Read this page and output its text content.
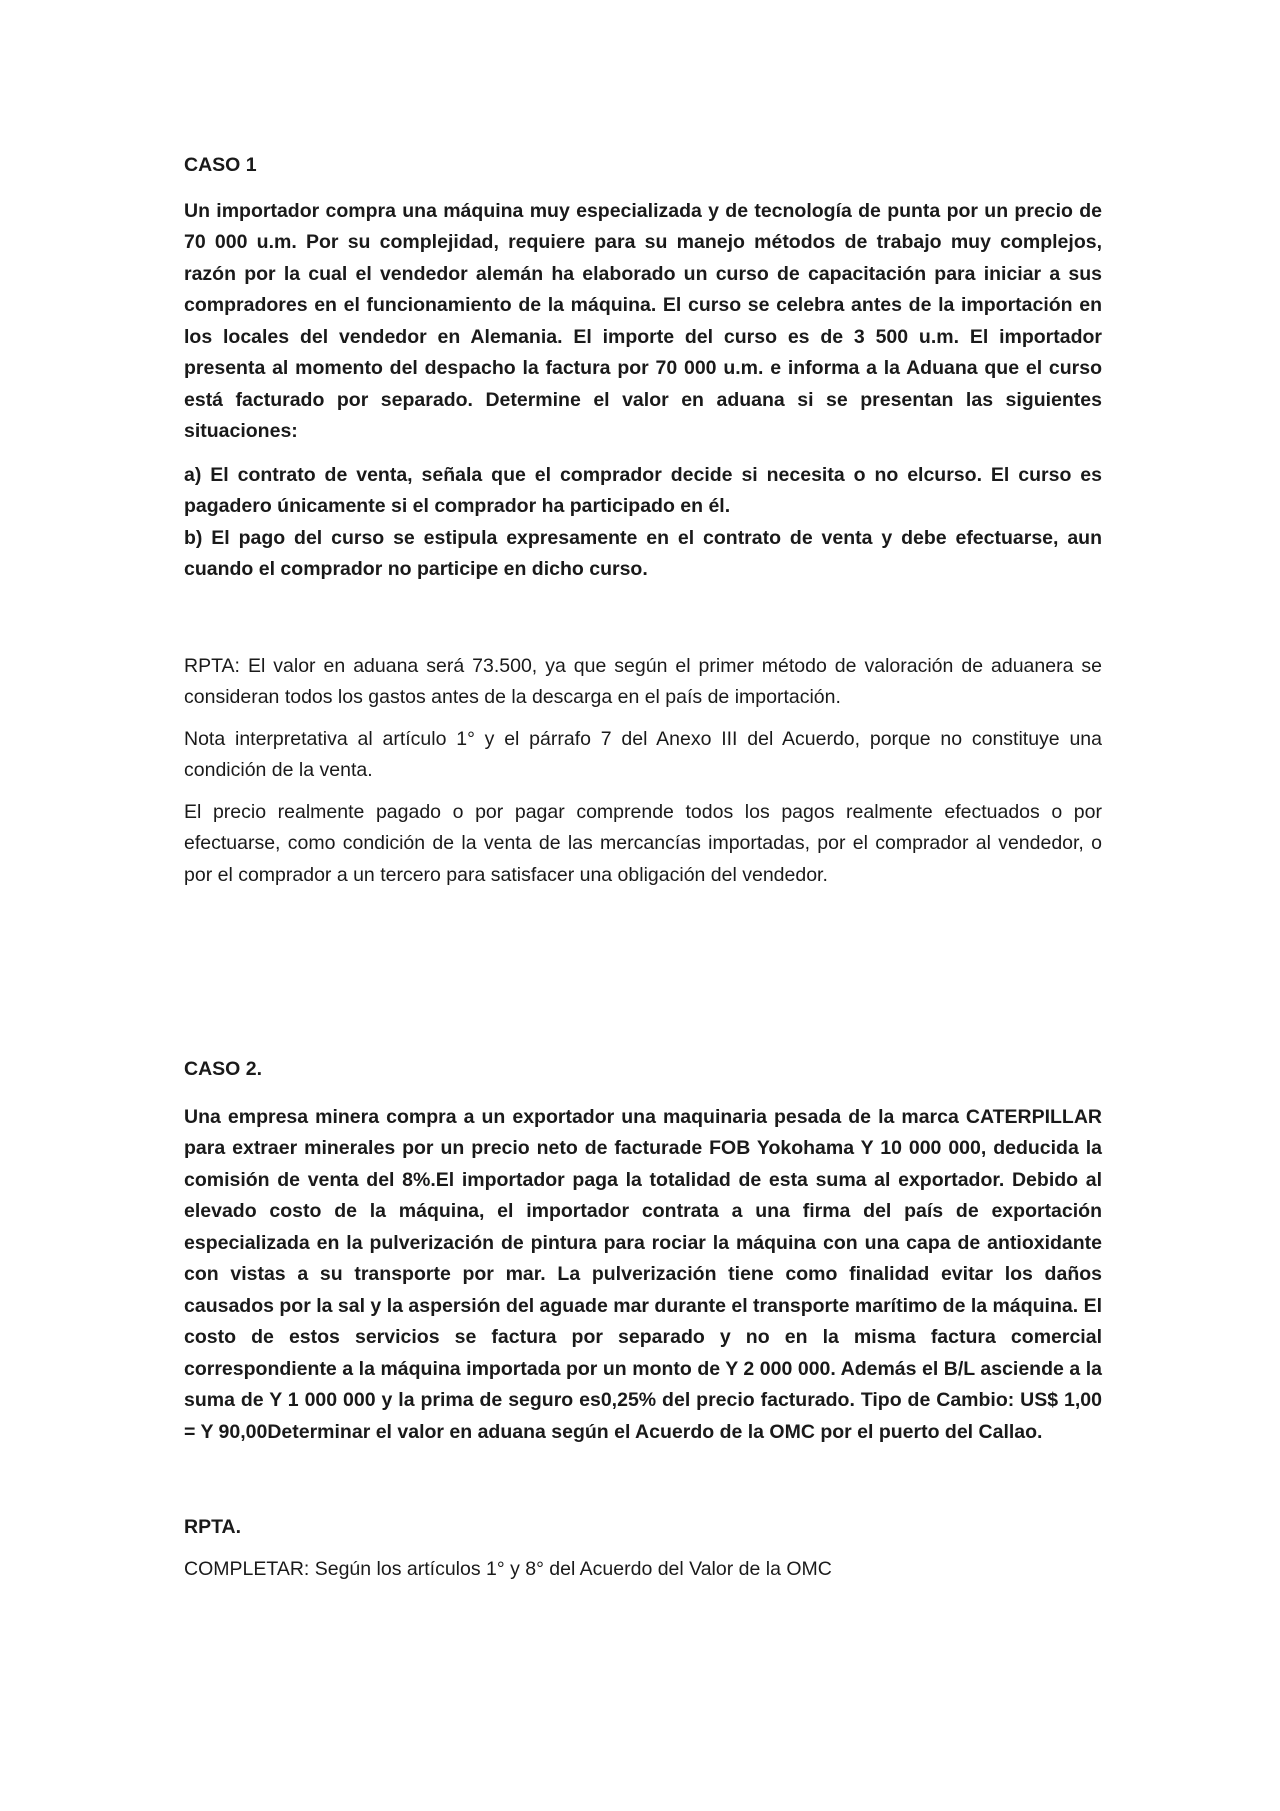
CASO 1

Un importador compra una máquina muy especializada y de tecnología de punta por un precio de 70 000 u.m. Por su complejidad, requiere para su manejo métodos de trabajo muy complejos, razón por la cual el vendedor alemán ha elaborado un curso de capacitación para iniciar a sus compradores en el funcionamiento de la máquina. El curso se celebra antes de la importación en los locales del vendedor en Alemania. El importe del curso es de 3 500 u.m. El importador presenta al momento del despacho la factura por 70 000 u.m. e informa a la Aduana que el curso está facturado por separado. Determine el valor en aduana si se presentan las siguientes situaciones:

a) El contrato de venta, señala que el comprador decide si necesita o no elcurso. El curso es pagadero únicamente si el comprador ha participado en él.

b) El pago del curso se estipula expresamente en el contrato de venta y debe efectuarse, aun cuando el comprador no participe en dicho curso.

RPTA: El valor en aduana será 73.500, ya que según el primer método de valoración de aduanera se consideran todos los gastos antes de la descarga en el país de importación.

Nota interpretativa al artículo 1° y el párrafo 7 del Anexo III del Acuerdo, porque no constituye una condición de la venta.

El precio realmente pagado o por pagar comprende todos los pagos realmente efectuados o por efectuarse, como condición de la venta de las mercancías importadas, por el comprador al vendedor, o por el comprador a un tercero para satisfacer una obligación del vendedor.

CASO 2.

Una empresa minera compra a un exportador una maquinaria pesada de la marca CATERPILLAR para extraer minerales por un precio neto de facturade FOB Yokohama Y 10 000 000, deducida la comisión de venta del 8%.El importador paga la totalidad de esta suma al exportador. Debido al elevado costo de la máquina, el importador contrata a una firma del país de exportación especializada en la pulverización de pintura para rociar la máquina con una capa de antioxidante con vistas a su transporte por mar. La pulverización tiene como finalidad evitar los daños causados por la sal y la aspersión del aguade mar durante el transporte marítimo de la máquina. El costo de estos servicios se factura por separado y no en la misma factura comercial correspondiente a la máquina importada por un monto de Y 2 000 000. Además el B/L asciende a la suma de Y 1 000 000 y la prima de seguro es0,25% del precio facturado. Tipo de Cambio: US$ 1,00 = Y 90,00Determinar el valor en aduana según el Acuerdo de la OMC por el puerto del Callao.

RPTA.

COMPLETAR: Según los artículos 1° y 8° del Acuerdo del Valor de la OMC
